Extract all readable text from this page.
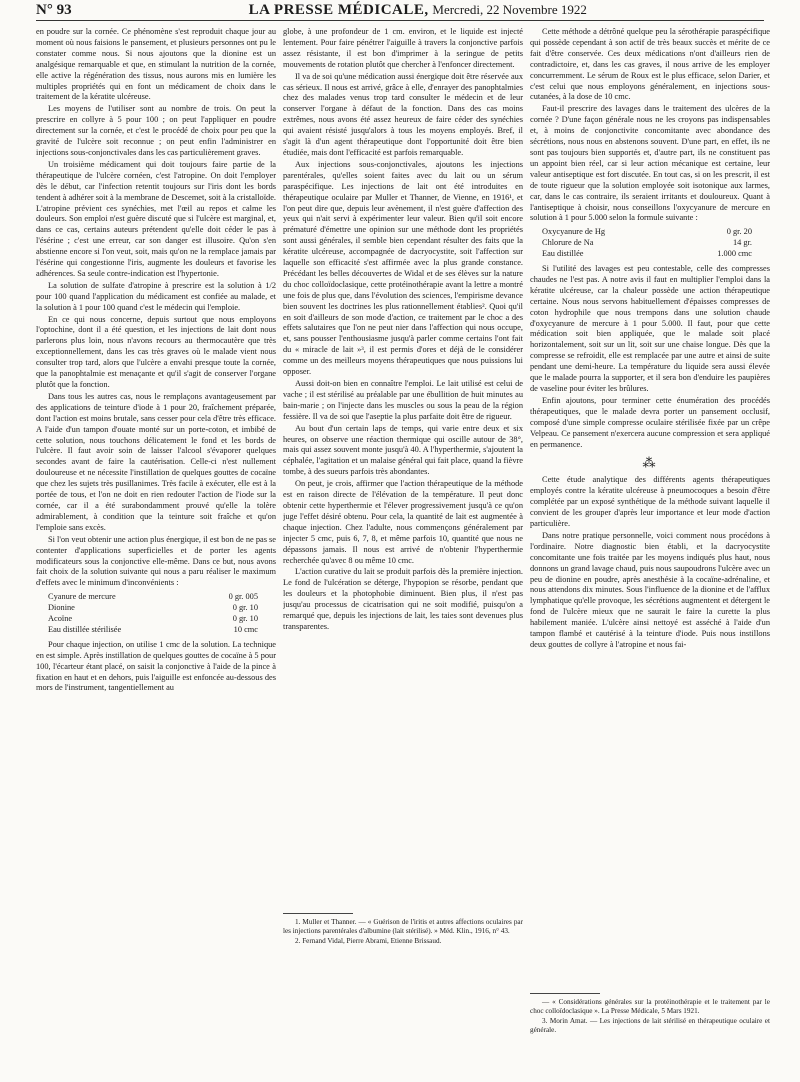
N° 93	LA PRESSE MÉDICALE, Mercredi, 22 Novembre 1922

en poudre sur la cornée. Ce phénomène s'est reproduit chaque jour au moment où nous faisions le pansement, et plusieurs personnes ont pu le constater comme nous. Si nous ajoutons que la dionine est un analgésique remarquable et que, en stimulant la nutrition de la cornée, elle active la régénération des tissus, nous aurons mis en lumière les multiples propriétés qui en font un médicament de choix dans le traitement de la kératite ulcéreuse.

Les moyens de l'utiliser sont au nombre de trois. On peut la prescrire en collyre à 5 pour 100 ; on peut l'appliquer en poudre directement sur la cornée, et c'est le procédé de choix pour peu que la gravité de l'ulcère soit reconnue ; on peut enfin l'administrer en injections sous-conjonctivales dans les cas particulièrement graves.

Un troisième médicament qui doit toujours faire partie de la thérapeutique de l'ulcère cornéen, c'est l'atropine. On doit l'employer dès le début, car l'infection retentit toujours sur l'iris dont les bords tendent à adhérer soit à la membrane de Descemet, soit à la cristalloïde. L'atropine prévient ces synéchies, met l'œil au repos et calme les douleurs. Son emploi n'est guère discuté que si l'ulcère est marginal, et, dans ce cas, certains auteurs prétendent qu'elle doit céder le pas à l'ésérine ; c'est une erreur, car son danger est illusoire. Qu'on s'en abstienne encore si l'on veut, soit, mais qu'on ne la remplace jamais par l'ésérine qui congestionne l'iris, augmente les douleurs et favorise les adhérences. Sa seule contre-indication est l'hypertonie.

La solution de sulfate d'atropine à prescrire est la solution à 1/2 pour 100 quand l'application du médicament est confiée au malade, et la solution à 1 pour 100 quand c'est le médecin qui l'emploie.

En ce qui nous concerne, depuis surtout que nous employons l'optochine, dont il a été question, et les injections de lait dont nous parlerons plus loin, nous n'avons recours au thermocautère que très exceptionnellement, dans les cas très graves où le malade vient nous consulter trop tard, alors que l'ulcère a envahi presque toute la cornée, que la panophtalmie est menaçante et qu'il s'agit de conserver l'organe plutôt que la fonction.

Dans tous les autres cas, nous le remplaçons avantageusement par des applications de teinture d'iode à 1 pour 20, fraîchement préparée, dont l'action est moins brutale, sans cesser pour cela d'être très efficace. A l'aide d'un tampon d'ouate monté sur un porte-coton, et imbibé de cette solution, nous touchons délicatement le fond et les bords de l'ulcère. Il faut avoir soin de laisser l'alcool s'évaporer quelques secondes avant de faire la cautérisation. Celle-ci n'est nullement douloureuse et ne nécessite l'instillation de quelques gouttes de cocaïne que chez les sujets très pusillanimes. Très facile à exécuter, elle est à la portée de tous, et l'on ne doit en rien redouter l'action de l'iode sur la cornée, car il a été surabondamment prouvé qu'elle la tolère admirablement, à condition que la teinture soit fraîche et qu'on l'emploie sans excès.

Si l'on veut obtenir une action plus énergique, il est bon de ne pas se contenter d'applications superficielles et de porter les agents modificateurs sous la conjonctive elle-même. Dans ce but, nous avons fait choix de la solution suivante qui nous a paru réaliser le maximum d'effets avec le minimum d'inconvénients :

Cyanure de mercure	0 gr. 005
Dionine	0 gr. 10
Acoïne	0 gr. 10
Eau distillée stérilisée	10 cmc

Pour chaque injection, on utilise 1 cmc de la solution. La technique en est simple. Après instillation de quelques gouttes de cocaïne à 5 pour 100, l'écarteur étant placé, on saisit la conjonctive à l'aide de la pince à fixation en haut et en dehors, puis l'aiguille est enfoncée au-dessous des mors de l'instrument, tangentiellement au

globe, à une profondeur de 1 cm. environ, et le liquide est injecté lentement. Pour faire pénétrer l'aiguille à travers la conjonctive parfois assez résistante, il est bon d'imprimer à la seringue de petits mouvements de rotation plutôt que chercher à l'enfoncer directement.

Il va de soi qu'une médication aussi énergique doit être réservée aux cas sérieux. Il nous est arrivé, grâce à elle, d'enrayer des panophtalmies chez des malades venus trop tard consulter le médecin et de leur conserver l'organe à défaut de la fonction. Dans des cas moins extrêmes, nous avons été assez heureux de faire céder des synéchies qui avaient résisté jusqu'alors à tous les moyens employés. Bref, il s'agit là d'un agent thérapeutique dont l'opportunité doit être bien étudiée, mais dont l'efficacité est parfois remarquable.

Aux injections sous-conjonctivales, ajoutons les injections parentérales, qu'elles soient faites avec du lait ou un sérum paraspécifique. Les injections de lait ont été introduites en thérapeutique oculaire par Muller et Thanner, de Vienne, en 1916¹, et l'on peut dire que, depuis leur avènement, il n'est guère d'affection des yeux qui n'ait servi à expérimenter leur valeur. Bien qu'il soit encore prématuré d'émettre une opinion sur une méthode dont les propriétés sont aussi générales, il semble bien cependant résulter des faits que la kératite ulcéreuse, accompagnée de dacryocystite, soit l'affection sur laquelle son efficacité s'est affirmée avec la plus grande constance. Précédant les belles découvertes de Widal et de ses élèves sur la nature du choc colloïdoclasique, cette protéinothérapie avant la lettre a montré une fois de plus que, dans l'évolution des sciences, l'empirisme devance bien souvent les doctrines les plus rationnellement établies². Quoi qu'il en soit d'ailleurs de son mode d'action, ce traitement par le choc a des effets salutaires que l'on ne peut nier dans l'affection qui nous occupe, et, sans pousser l'enthousiasme jusqu'à parler comme certains l'ont fait du « miracle de lait »³, il est permis d'ores et déjà de le considérer comme un des meilleurs moyens thérapeutiques que nous puissions lui opposer.

Aussi doit-on bien en connaître l'emploi. Le lait utilisé est celui de vache ; il est stérilisé au préalable par une ébullition de huit minutes au bain-marie ; on l'injecte dans les muscles ou sous la peau de la région fessière. Il va de soi que l'aseptie la plus parfaite doit être de rigueur.

Au bout d'un certain laps de temps, qui varie entre deux et six heures, on observe une réaction thermique qui oscille autour de 38°, mais qui assez souvent monte jusqu'à 40. A l'hyperthermie, s'ajoutent la céphalée, l'agitation et un malaise général qui fait place, quand la fièvre tombe, à des sueurs parfois très abondantes.

On peut, je crois, affirmer que l'action thérapeutique de la méthode est en raison directe de l'élévation de la température. Il peut donc obtenir cette hyperthermie et l'élever progressivement jusqu'à ce qu'on juge l'effet désiré obtenu. Pour cela, la quantité de lait est augmentée à chaque injection. Chez l'adulte, nous commençons généralement par injecter 5 cmc, puis 6, 7, 8, et même parfois 10, quantité que nous ne dépassons jamais. Il nous est arrivé de n'obtenir l'hyperthermie recherchée qu'avec 8 ou même 10 cmc.

L'action curative du lait se produit parfois dès la première injection. Le fond de l'ulcération se déterge, l'hypopion se résorbe, pendant que les douleurs et la photophobie diminuent. Bien plus, il n'est pas jusqu'au processus de cicatrisation qui ne soit modifié, puisqu'on a remarqué que, depuis les injections de lait, les taies sont devenues plus transparentes.

1. Muller et Thanner. — « Guérison de l'iritis et autres affections oculaires par les injections parentérales d'albumine (lait stérilisé). » Méd. Klin., 1916, n° 43.

2. Fernand Vidal, Pierre Abrami, Etienne Brissaud.

Cette méthode a détrôné quelque peu la sérothérapie paraspécifique qui possède cependant à son actif de très beaux succès et mérite de ce fait d'être conservée. Ces deux médications n'ont d'ailleurs rien de contradictoire, et, dans les cas graves, il nous arrive de les employer concurremment. Le sérum de Roux est le plus efficace, selon Darier, et c'est celui que nous employons généralement, en injections sous-cutanées, à la dose de 10 cmc.

Faut-il prescrire des lavages dans le traitement des ulcères de la cornée ? D'une façon générale nous ne les croyons pas indispensables et, à moins de conjonctivite concomitante avec abondance des sécrétions, nous nous en abstenons souvent. D'une part, en effet, ils ne sont pas toujours bien supportés et, d'autre part, ils ne constituent pas un appoint bien réel, car si leur action mécanique est certaine, leur valeur antiseptique est fort discutée. En tout cas, si on les prescrit, il est de toute rigueur que la solution employée soit isotonique aux larmes, car, dans le cas contraire, ils seraient irritants et douloureux. Quant à l'antiseptique à choisir, nous conseillons l'oxycyanure de mercure en solution à 1 pour 5.000 selon la formule suivante :

Oxycyanure de Hg	0 gr. 20
Chlorure de Na	14 gr.
Eau distillée	1.000 cmc

Si l'utilité des lavages est peu contestable, celle des compresses chaudes ne l'est pas. A notre avis il faut en multiplier l'emploi dans la kératite ulcéreuse, car la chaleur possède une action thérapeutique certaine. Nous nous servons habituellement d'épaisses compresses de coton hydrophile que nous trempons dans une solution chaude d'oxycyanure de mercure à 1 pour 5.000. Il faut, pour que cette médication soit bien appliquée, que le malade soit placé horizontalement, soit sur un lit, soit sur une chaise longue. Dès que la compresse se refroidit, elle est remplacée par une autre et ainsi de suite pendant une demi-heure. La température du liquide sera aussi élevée que le malade pourra la supporter, et il sera bon d'enduire les paupières de vaseline pour éviter les brûlures.

Enfin ajoutons, pour terminer cette énumération des procédés thérapeutiques, que le malade devra porter un pansement occlusif, composé d'une simple compresse oculaire stérilisée fixée par un crêpe Velpeau. Ce pansement n'exercera aucune compression et sera appliqué en permanence.

⁂

Cette étude analytique des différents agents thérapeutiques employés contre la kératite ulcéreuse à pneumocoques a besoin d'être complétée par un exposé synthétique de la méthode suivant laquelle il convient de les grouper d'après leur importance et leur mode d'action particulière.

Dans notre pratique personnelle, voici comment nous procédons à l'ordinaire. Notre diagnostic bien établi, et la dacryocystite concomitante une fois traitée par les moyens indiqués plus haut, nous donnons un grand lavage chaud, puis nous saupoudrons l'ulcère avec un peu de dionine en poudre, après anesthésie à la cocaïne-adrénaline, et nous attendons dix minutes. Sous l'influence de la dionine et de l'afflux lymphatique qu'elle provoque, les sécrétions augmentent et détergent le fond de l'ulcère mieux que ne saurait le faire la curette la plus habilement maniée. L'ulcère ainsi nettoyé est asséché à l'aide d'un tampon flambé et cautérisé à la teinture d'iode. Puis nous instillons deux gouttes de collyre à l'atropine et nous fai-

— « Considérations générales sur la protéinothérapie et le traitement par le choc colloïdoclasique ». La Presse Médicale, 5 Mars 1921.

3. Morin Amat. — Les injections de lait stérilisé en thérapeutique oculaire et générale.
